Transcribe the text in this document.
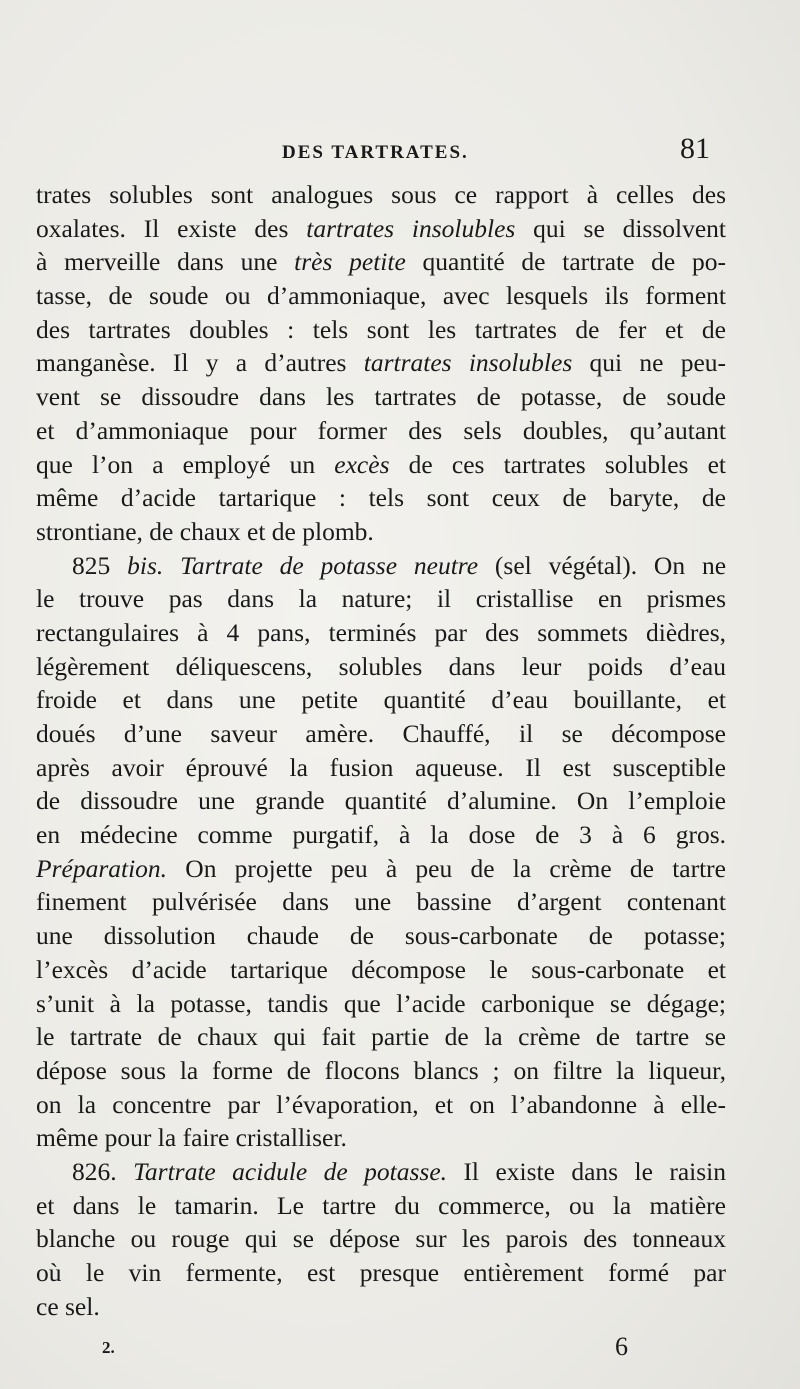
DES TARTRATES.	81
trates solubles sont analogues sous ce rapport à celles des
oxalates. Il existe des tartrates insolubles qui se dissolvent
à merveille dans une très petite quantité de tartrate de po-
tasse, de soude ou d’ammoniaque, avec lesquels ils forment
des tartrates doubles : tels sont les tartrates de fer et de
manganèse. Il y a d’autres tartrates insolubles qui ne peu-
vent se dissoudre dans les tartrates de potasse, de soude
et d’ammoniaque pour former des sels doubles, qu’autant
que l’on a employé un excès de ces tartrates solubles et
même d’acide tartarique : tels sont ceux de baryte, de
strontiane, de chaux et de plomb.
825 bis. Tartrate de potasse neutre (sel végétal). On ne
le trouve pas dans la nature; il cristallise en prismes
rectangulaires à 4 pans, terminés par des sommets dièdres,
légèrement déliquescens, solubles dans leur poids d’eau
froide et dans une petite quantité d’eau bouillante, et
doués d’une saveur amère. Chauffé, il se décompose
après avoir éprouvé la fusion aqueuse. Il est susceptible
de dissoudre une grande quantité d’alumine. On l’emploie
en médecine comme purgatif, à la dose de 3 à 6 gros.
Préparation. On projette peu à peu de la crème de tartre
finement pulvérisée dans une bassine d’argent contenant
une dissolution chaude de sous-carbonate de potasse;
l’excès d’acide tartarique décompose le sous-carbonate et
s’unit à la potasse, tandis que l’acide carbonique se dégage;
le tartrate de chaux qui fait partie de la crème de tartre se
dépose sous la forme de flocons blancs ; on filtre la liqueur,
on la concentre par l’évaporation, et on l’abandonne à elle-
même pour la faire cristalliser.
826. Tartrate acidule de potasse. Il existe dans le raisin
et dans le tamarin. Le tartre du commerce, ou la matière
blanche ou rouge qui se dépose sur les parois des tonneaux
où le vin fermente, est presque entièrement formé par
ce sel.
2.	6
